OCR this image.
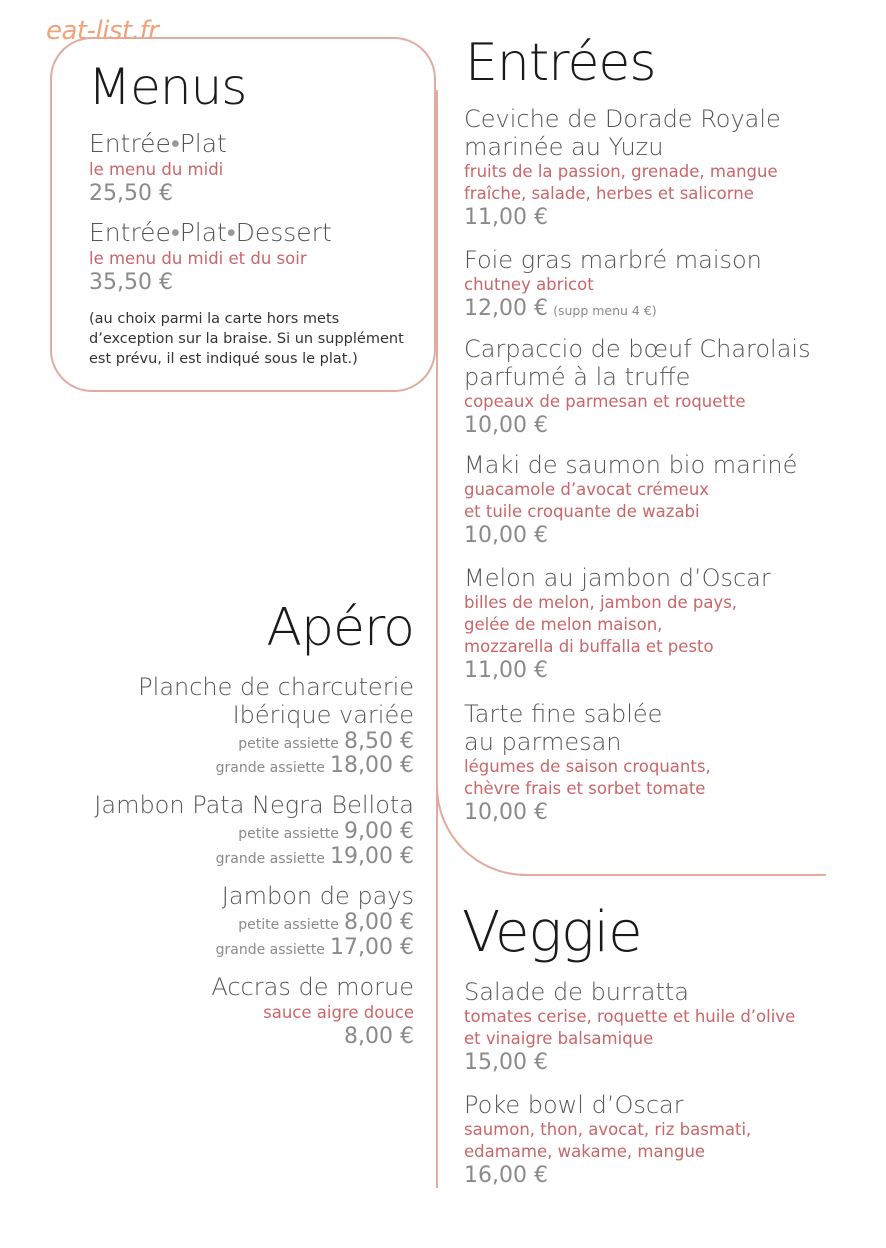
eat-list.fr
Menus
Entrée•Plat
le menu du midi
25,50 €
Entrée•Plat•Dessert
le menu du midi et du soir
35,50 €
(au choix parmi la carte hors mets
d’exception sur la braise. Si un supplément
est prévu, il est indiqué sous le plat.)
Apéro
Planche de charcuterie
Ibérique variée
petite assiette 8,50 €
grande assiette 18,00 €
Jambon Pata Negra Bellota
petite assiette 9,00 €
grande assiette 19,00 €
Jambon de pays
petite assiette 8,00 €
grande assiette 17,00 €
Accras de morue
sauce aigre douce
8,00 €
Entrées
Ceviche de Dorade Royale
marinée au Yuzu
fruits de la passion, grenade, mangue
fraîche, salade, herbes et salicorne
11,00 €
Foie gras marbré maison
chutney abricot
12,00 € (supp menu 4 €)
Carpaccio de bœuf Charolais
parfumé à la truffe
copeaux de parmesan et roquette
10,00 €
Maki de saumon bio mariné
guacamole d’avocat crémeux
et tuile croquante de wazabi
10,00 €
Melon au jambon d’Oscar
billes de melon, jambon de pays,
gelée de melon maison,
mozzarella di buffalla et pesto
11,00 €
Tarte fine sablée
au parmesan
légumes de saison croquants,
chèvre frais et sorbet tomate
10,00 €
Veggie
Salade de burratta
tomates cerise, roquette et huile d’olive
et vinaigre balsamique
15,00 €
Poke bowl d’Oscar
saumon, thon, avocat, riz basmati,
edamame, wakame, mangue
16,00 €
